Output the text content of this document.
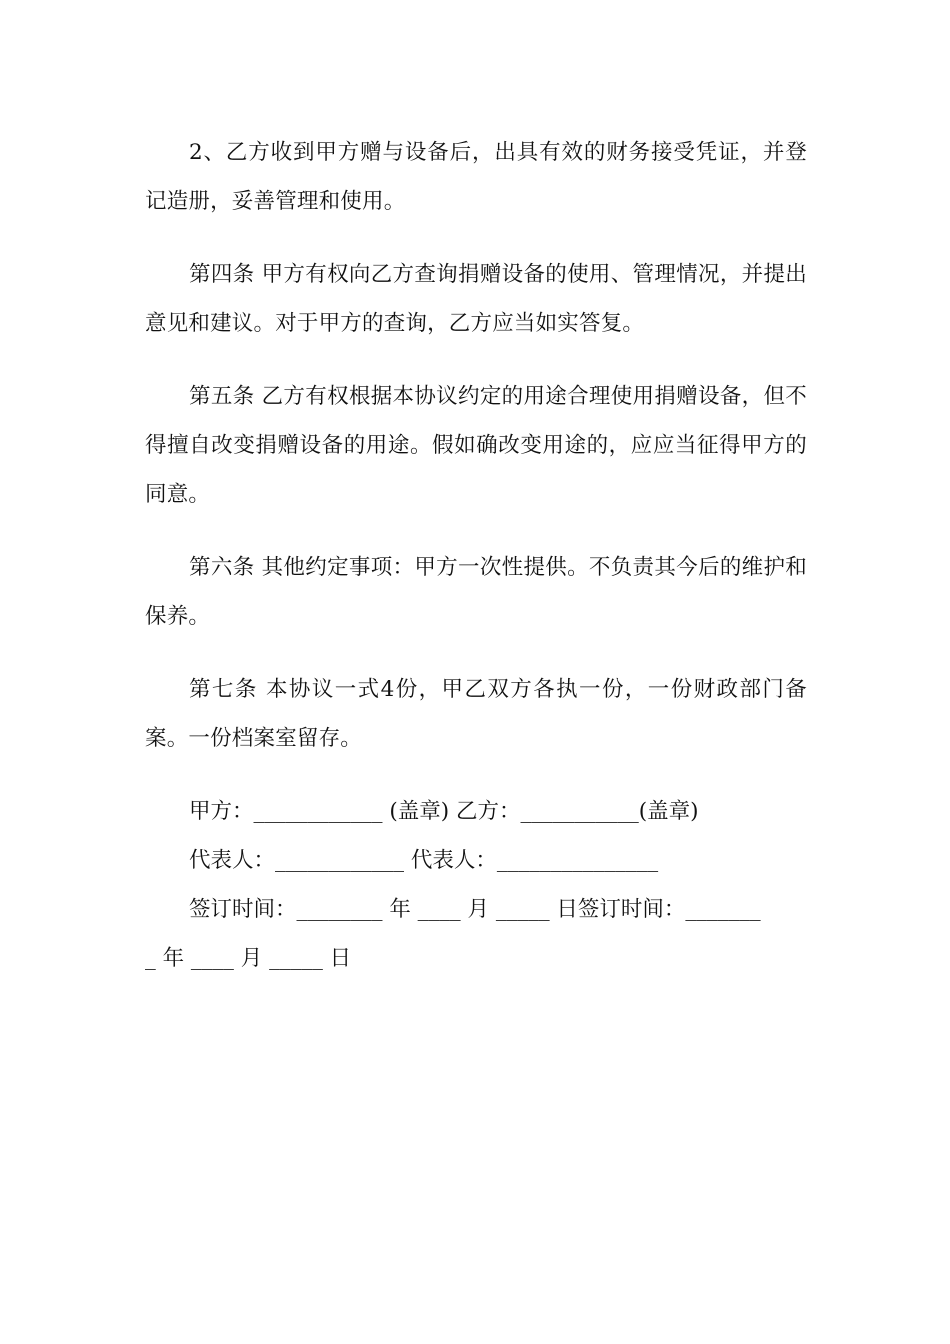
2、乙方收到甲方赠与设备后，出具有效的财务接受凭证，并登记造册，妥善管理和使用。

第四条 甲方有权向乙方查询捐赠设备的使用、管理情况，并提出意见和建议。对于甲方的查询，乙方应当如实答复。

第五条 乙方有权根据本协议约定的用途合理使用捐赠设备，但不得擅自改变捐赠设备的用途。假如确改变用途的，应应当征得甲方的同意。

第六条 其他约定事项：甲方一次性提供。不负责其今后的维护和保养。

第七条 本协议一式4份，甲乙双方各执一份，一份财政部门备案。一份档案室留存。

甲方：____________ (盖章) 乙方：___________(盖章)

代表人：____________ 代表人：_______________

签订时间：________ 年 ____ 月 _____ 日签订时间：_______

_ 年 ____ 月 _____ 日
